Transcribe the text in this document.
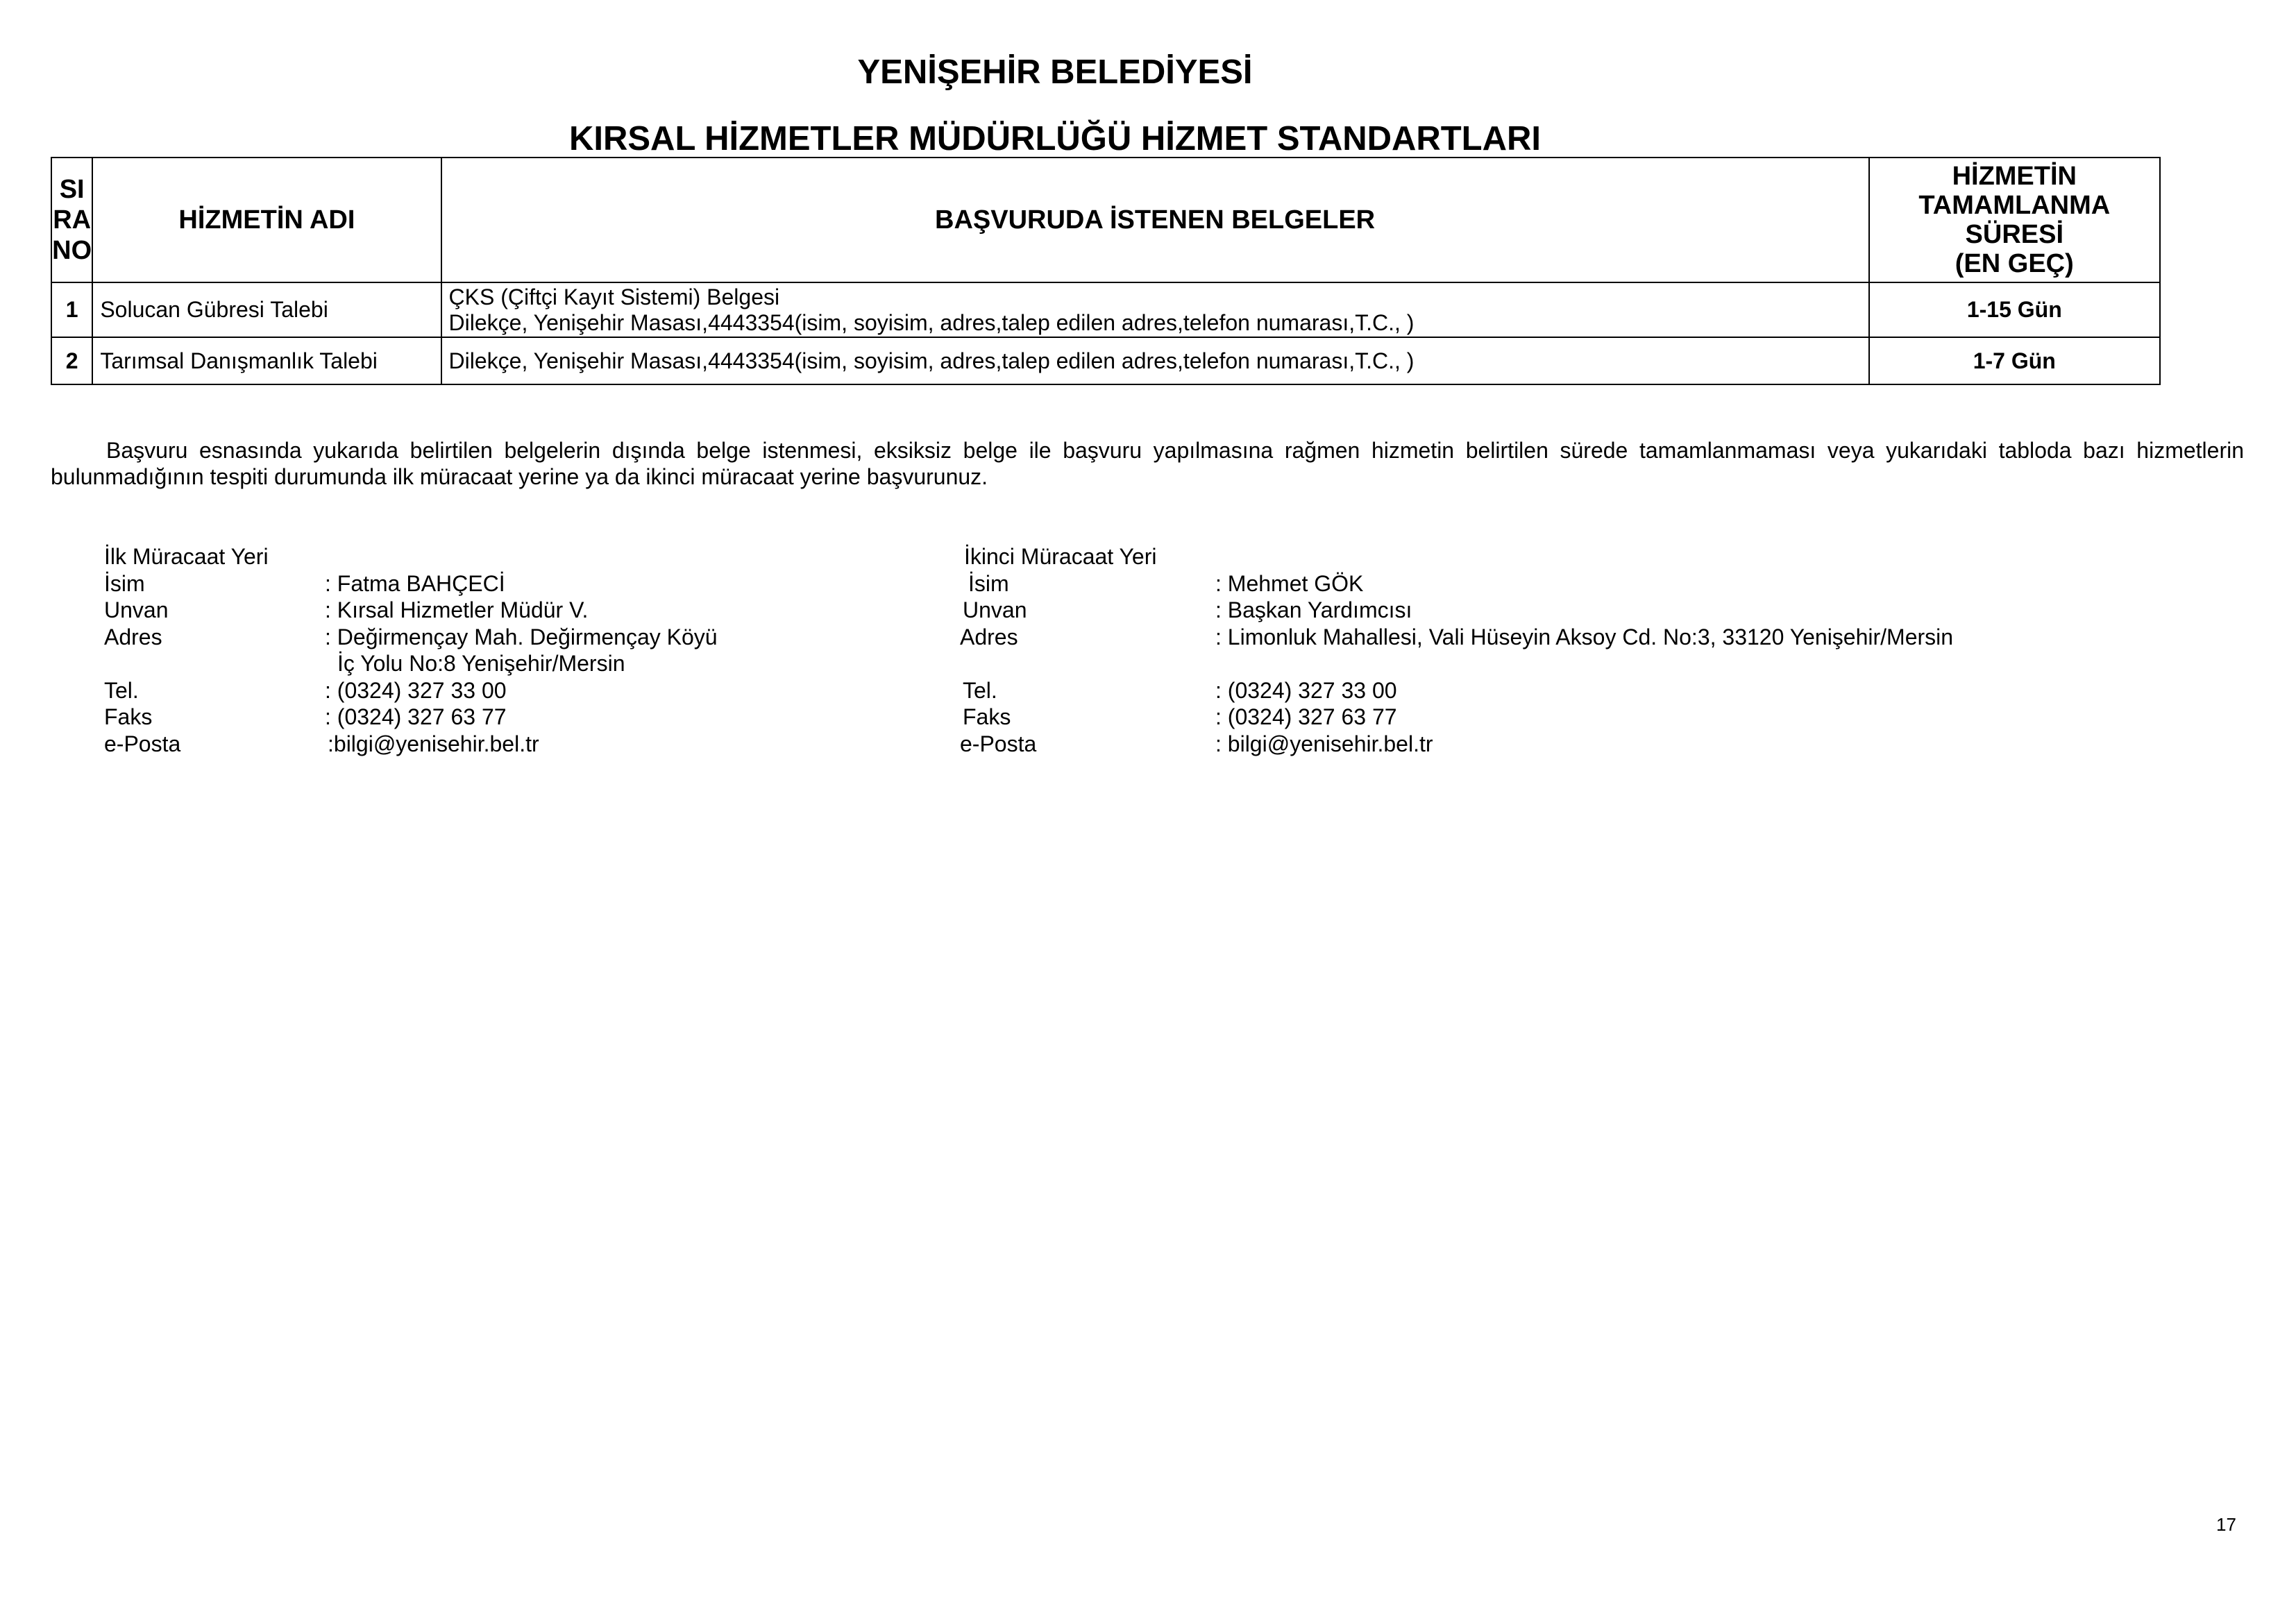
YENİŞEHİR BELEDİYESİ
KIRSAL HİZMETLER MÜDÜRLÜĞÜ HİZMET STANDARTLARI
SI
RA
NO	HİZMETİN ADI	BAŞVURUDA İSTENEN BELGELER	HİZMETİN
TAMAMLANMA
SÜRESİ
(EN GEÇ)

1	Solucan Gübresi Talebi	ÇKS (Çiftçi Kayıt Sistemi) Belgesi
Dilekçe, Yenişehir Masası,4443354(isim, soyisim, adres,talep edilen adres,telefon numarası,T.C., )	1-15 Gün
2	Tarımsal Danışmanlık Talebi	Dilekçe, Yenişehir Masası,4443354(isim, soyisim, adres,talep edilen adres,telefon numarası,T.C., )	1-7 Gün
Başvuru esnasında yukarıda belirtilen belgelerin dışında belge istenmesi, eksiksiz belge ile başvuru yapılmasına rağmen hizmetin belirtilen sürede tamamlanmaması veya yukarıdaki tabloda bazı hizmetlerin bulunmadığının tespiti durumunda ilk müracaat yerine ya da ikinci müracaat yerine başvurunuz.
İlk Müracaat Yeri
İsim	: Fatma BAHÇECİ
Unvan	: Kırsal Hizmetler Müdür V.
Adres	: Değirmençay Mah. Değirmençay Köyü
İç Yolu No:8 Yenişehir/Mersin
Tel.	: (0324) 327 33 00
Faks	: (0324) 327 63 77
e-Posta	:bilgi@yenisehir.bel.tr
İkinci Müracaat Yeri
İsim	: Mehmet GÖK
Unvan	: Başkan Yardımcısı
Adres	: Limonluk Mahallesi, Vali Hüseyin Aksoy Cd. No:3, 33120 Yenişehir/Mersin
Tel.	: (0324) 327 33 00
Faks	: (0324) 327 63 77
e-Posta	: bilgi@yenisehir.bel.tr
17
